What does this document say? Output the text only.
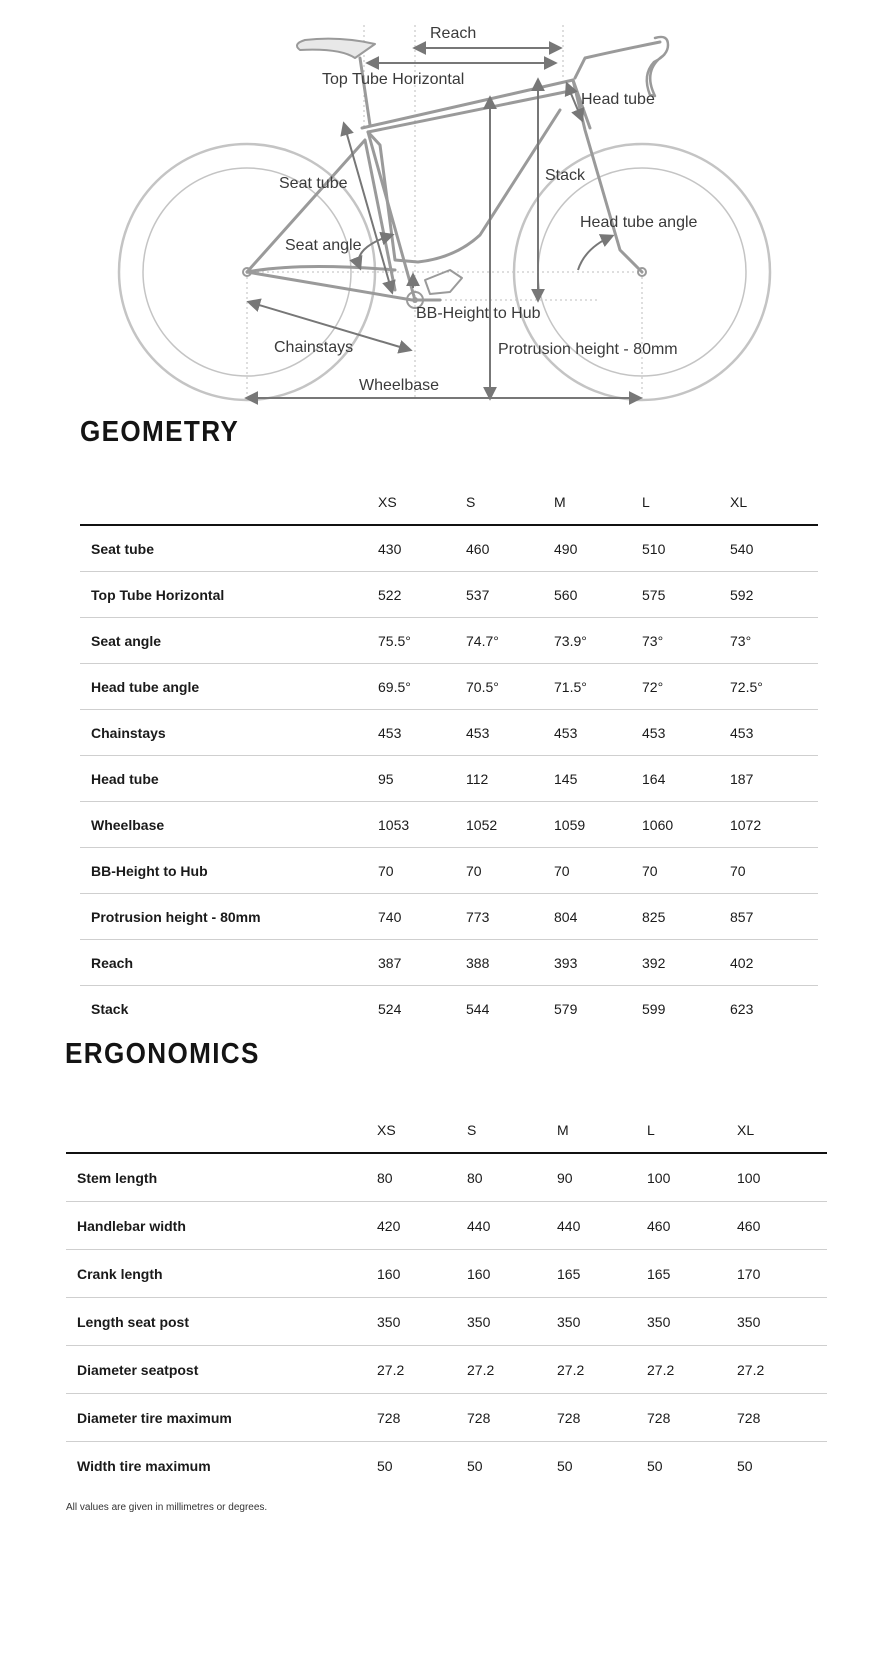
Reach
Top Tube Horizontal
Head tube
Stack
Seat tube
Head tube angle
Seat angle
BB-Height to Hub
Chainstays	Protrusion height - 80mm
Wheelbase
GEOMETRY
	XS	S	M	L	XL
Seat tube	430	460	490	510	540
Top Tube Horizontal	522	537	560	575	592
Seat angle	75.5°	74.7°	73.9°	73°	73°
Head tube angle	69.5°	70.5°	71.5°	72°	72.5°
Chainstays	453	453	453	453	453
Head tube	95	112	145	164	187
Wheelbase	1053	1052	1059	1060	1072
BB-Height to Hub	70	70	70	70	70
Protrusion height - 80mm	740	773	804	825	857
Reach	387	388	393	392	402
Stack	524	544	579	599	623
ERGONOMICS
	XS	S	M	L	XL
Stem length	80	80	90	100	100
Handlebar width	420	440	440	460	460
Crank length	160	160	165	165	170
Length seat post	350	350	350	350	350
Diameter seatpost	27.2	27.2	27.2	27.2	27.2
Diameter tire maximum	728	728	728	728	728
Width tire maximum	50	50	50	50	50
All values are given in millimetres or degrees.
